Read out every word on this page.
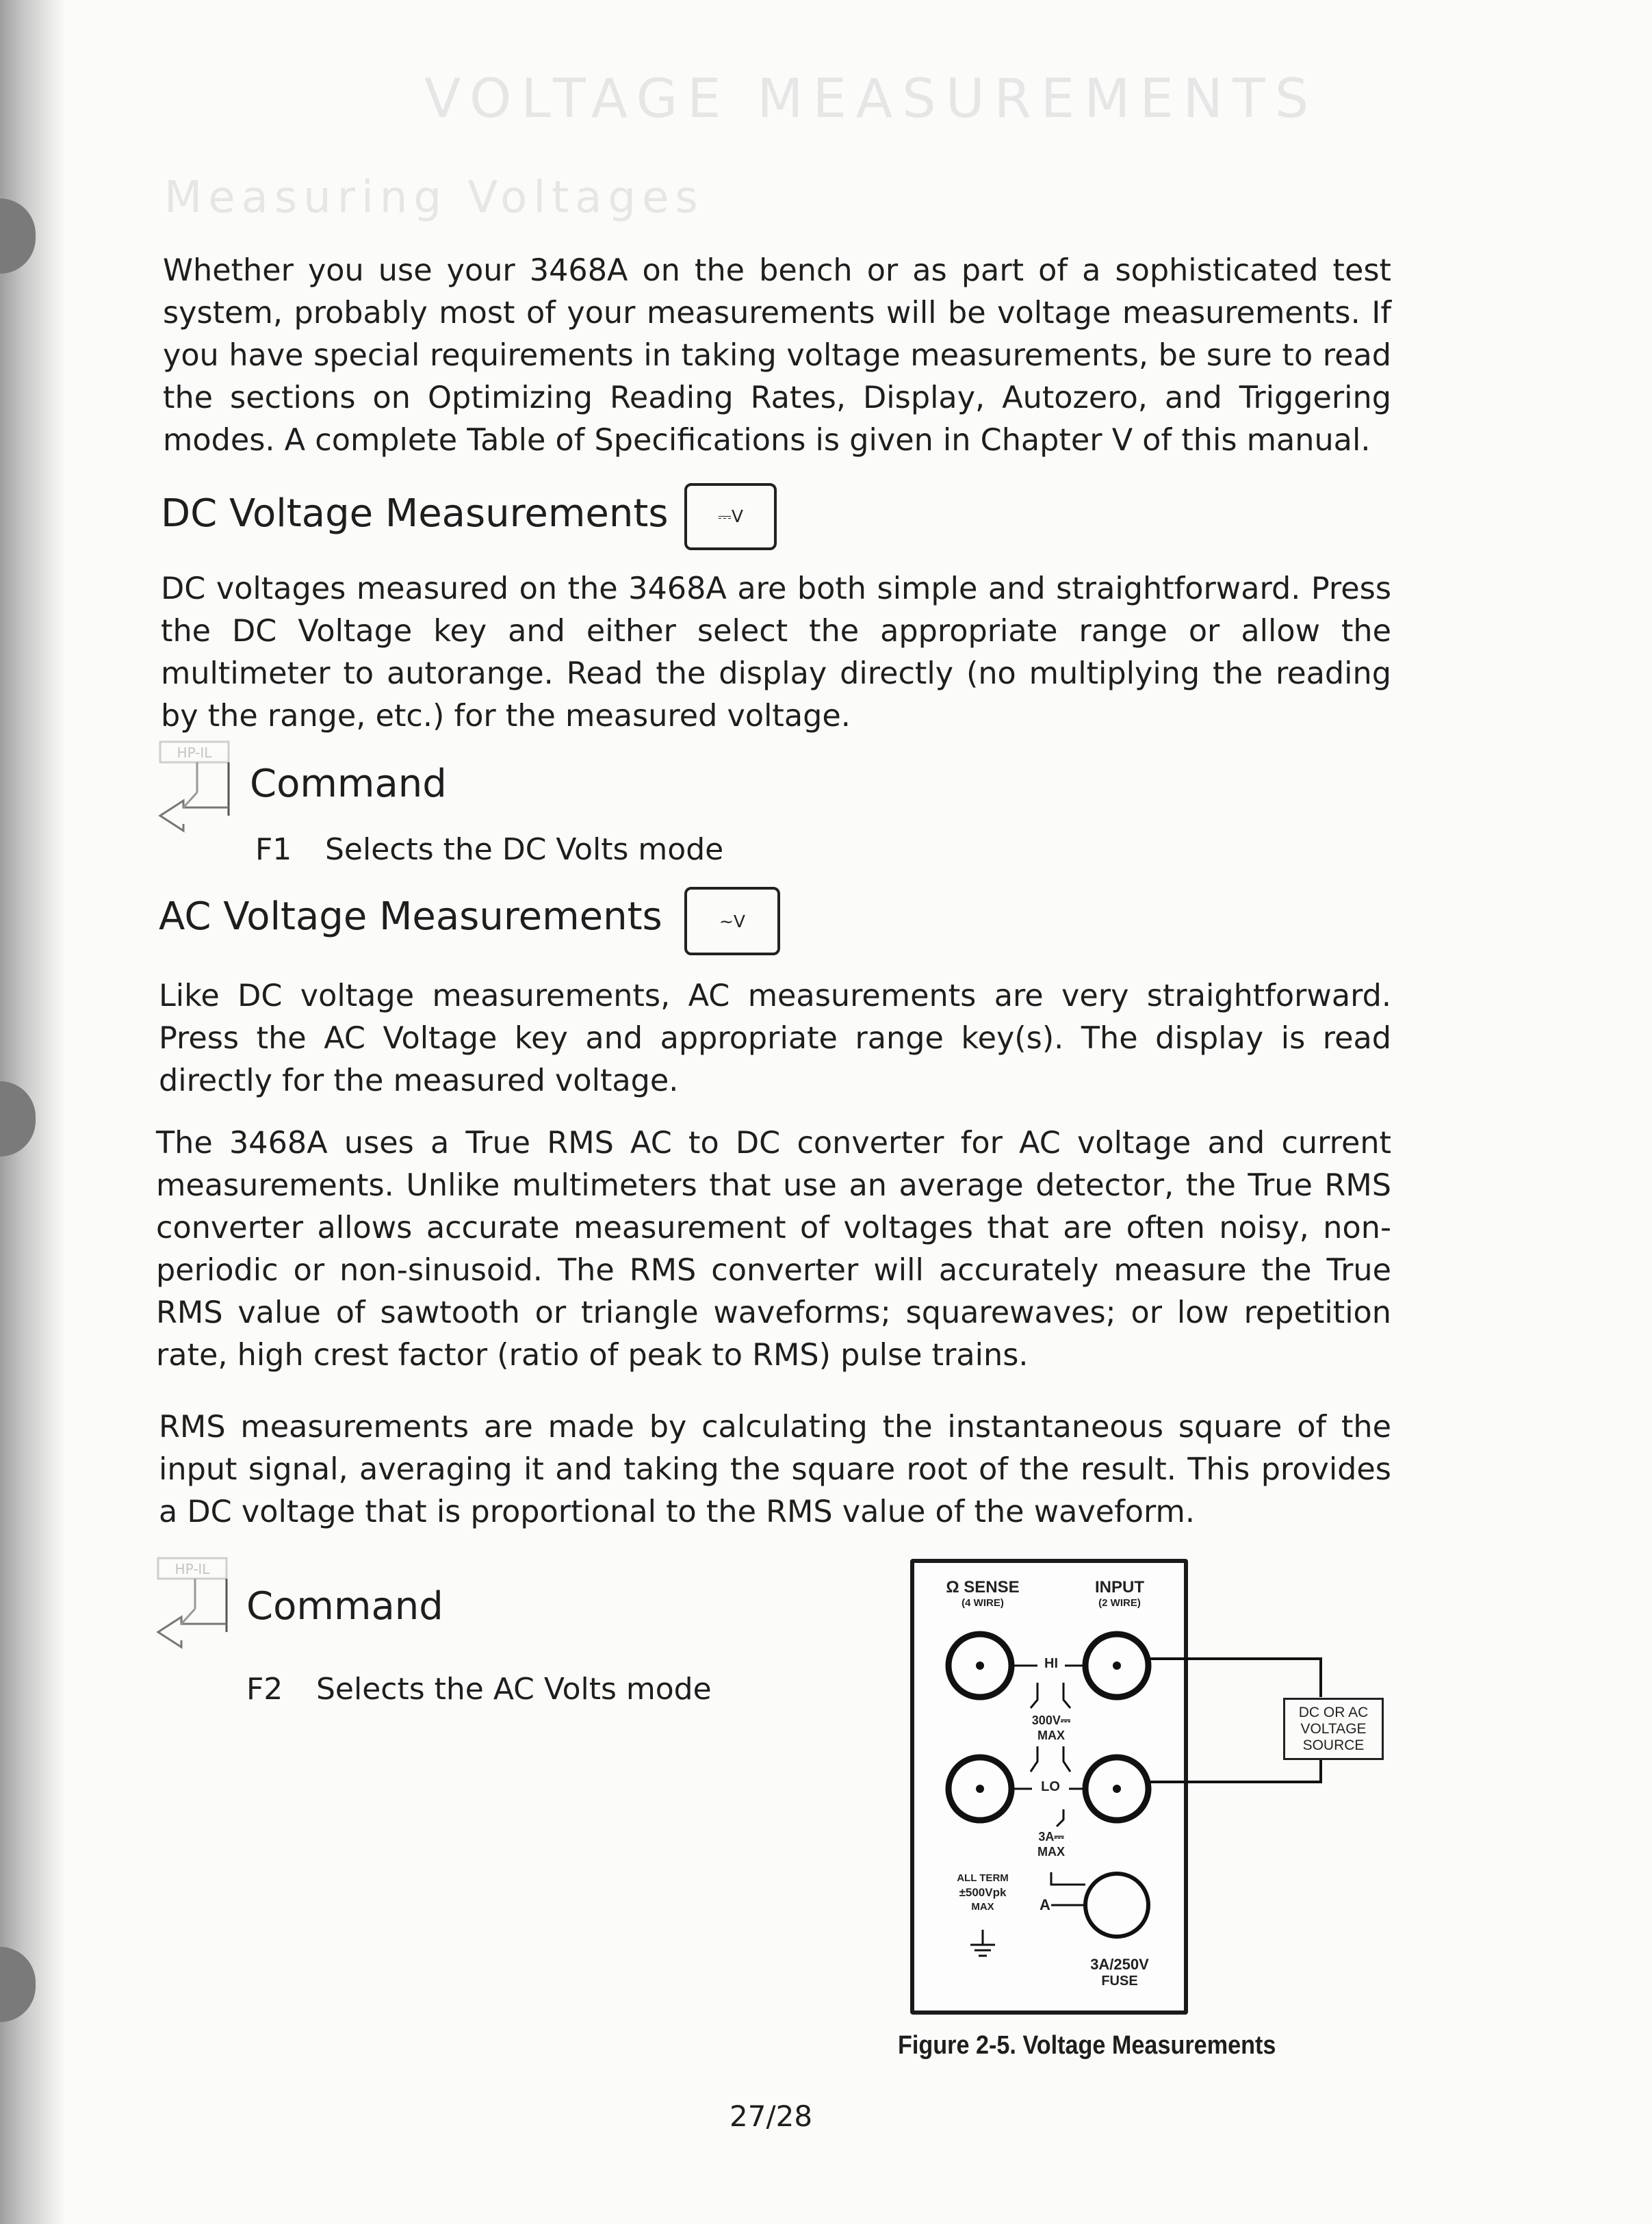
VOLTAGE MEASUREMENTS
Measuring Voltages

Whether you use your 3468A on the bench or as part of a sophisticated test system, probably most of your measurements will be voltage measurements. If you have special requirements in taking voltage measurements, be sure to read the sections on Optimizing Reading Rates, Display, Autozero, and Triggering modes. A complete Table of Specifications is given in Chapter V of this manual.

DC Voltage Measurements	⎓V

DC voltages measured on the 3468A are both simple and straightforward. Press the DC Voltage key and either select the appropriate range or allow the multimeter to autorange. Read the display directly (no multiplying the reading by the range, etc.) for the measured voltage.

HP-IL
Command
F1 Selects the DC Volts mode
AC Voltage Measurements	~V

Like DC voltage measurements, AC measurements are very straightforward. Press the AC Voltage key and appropriate range key(s). The display is read directly for the measured voltage.

The 3468A uses a True RMS AC to DC converter for AC voltage and current measurements. Unlike multimeters that use an average detector, the True RMS converter allows accurate measurement of voltages that are often noisy, non-periodic or non-sinusoid. The RMS converter will accurately measure the True RMS value of sawtooth or triangle waveforms; squarewaves; or low repetition rate, high crest factor (ratio of peak to RMS) pulse trains.

RMS measurements are made by calculating the instantaneous square of the input signal, averaging it and taking the square root of the result. This provides a DC voltage that is proportional to the RMS value of the waveform.

HP-IL
Command
F2 Selects the AC Volts mode
Ω SENSE
(4 WIRE)
INPUT
(2 WIRE)
HI
300V⎓
MAX
LO
3A⎓
MAX
ALL TERM
±500Vpk
MAX	A
3A/250V
FUSE
DC OR AC
VOLTAGE
SOURCE
Figure 2-5. Voltage Measurements
27/28
